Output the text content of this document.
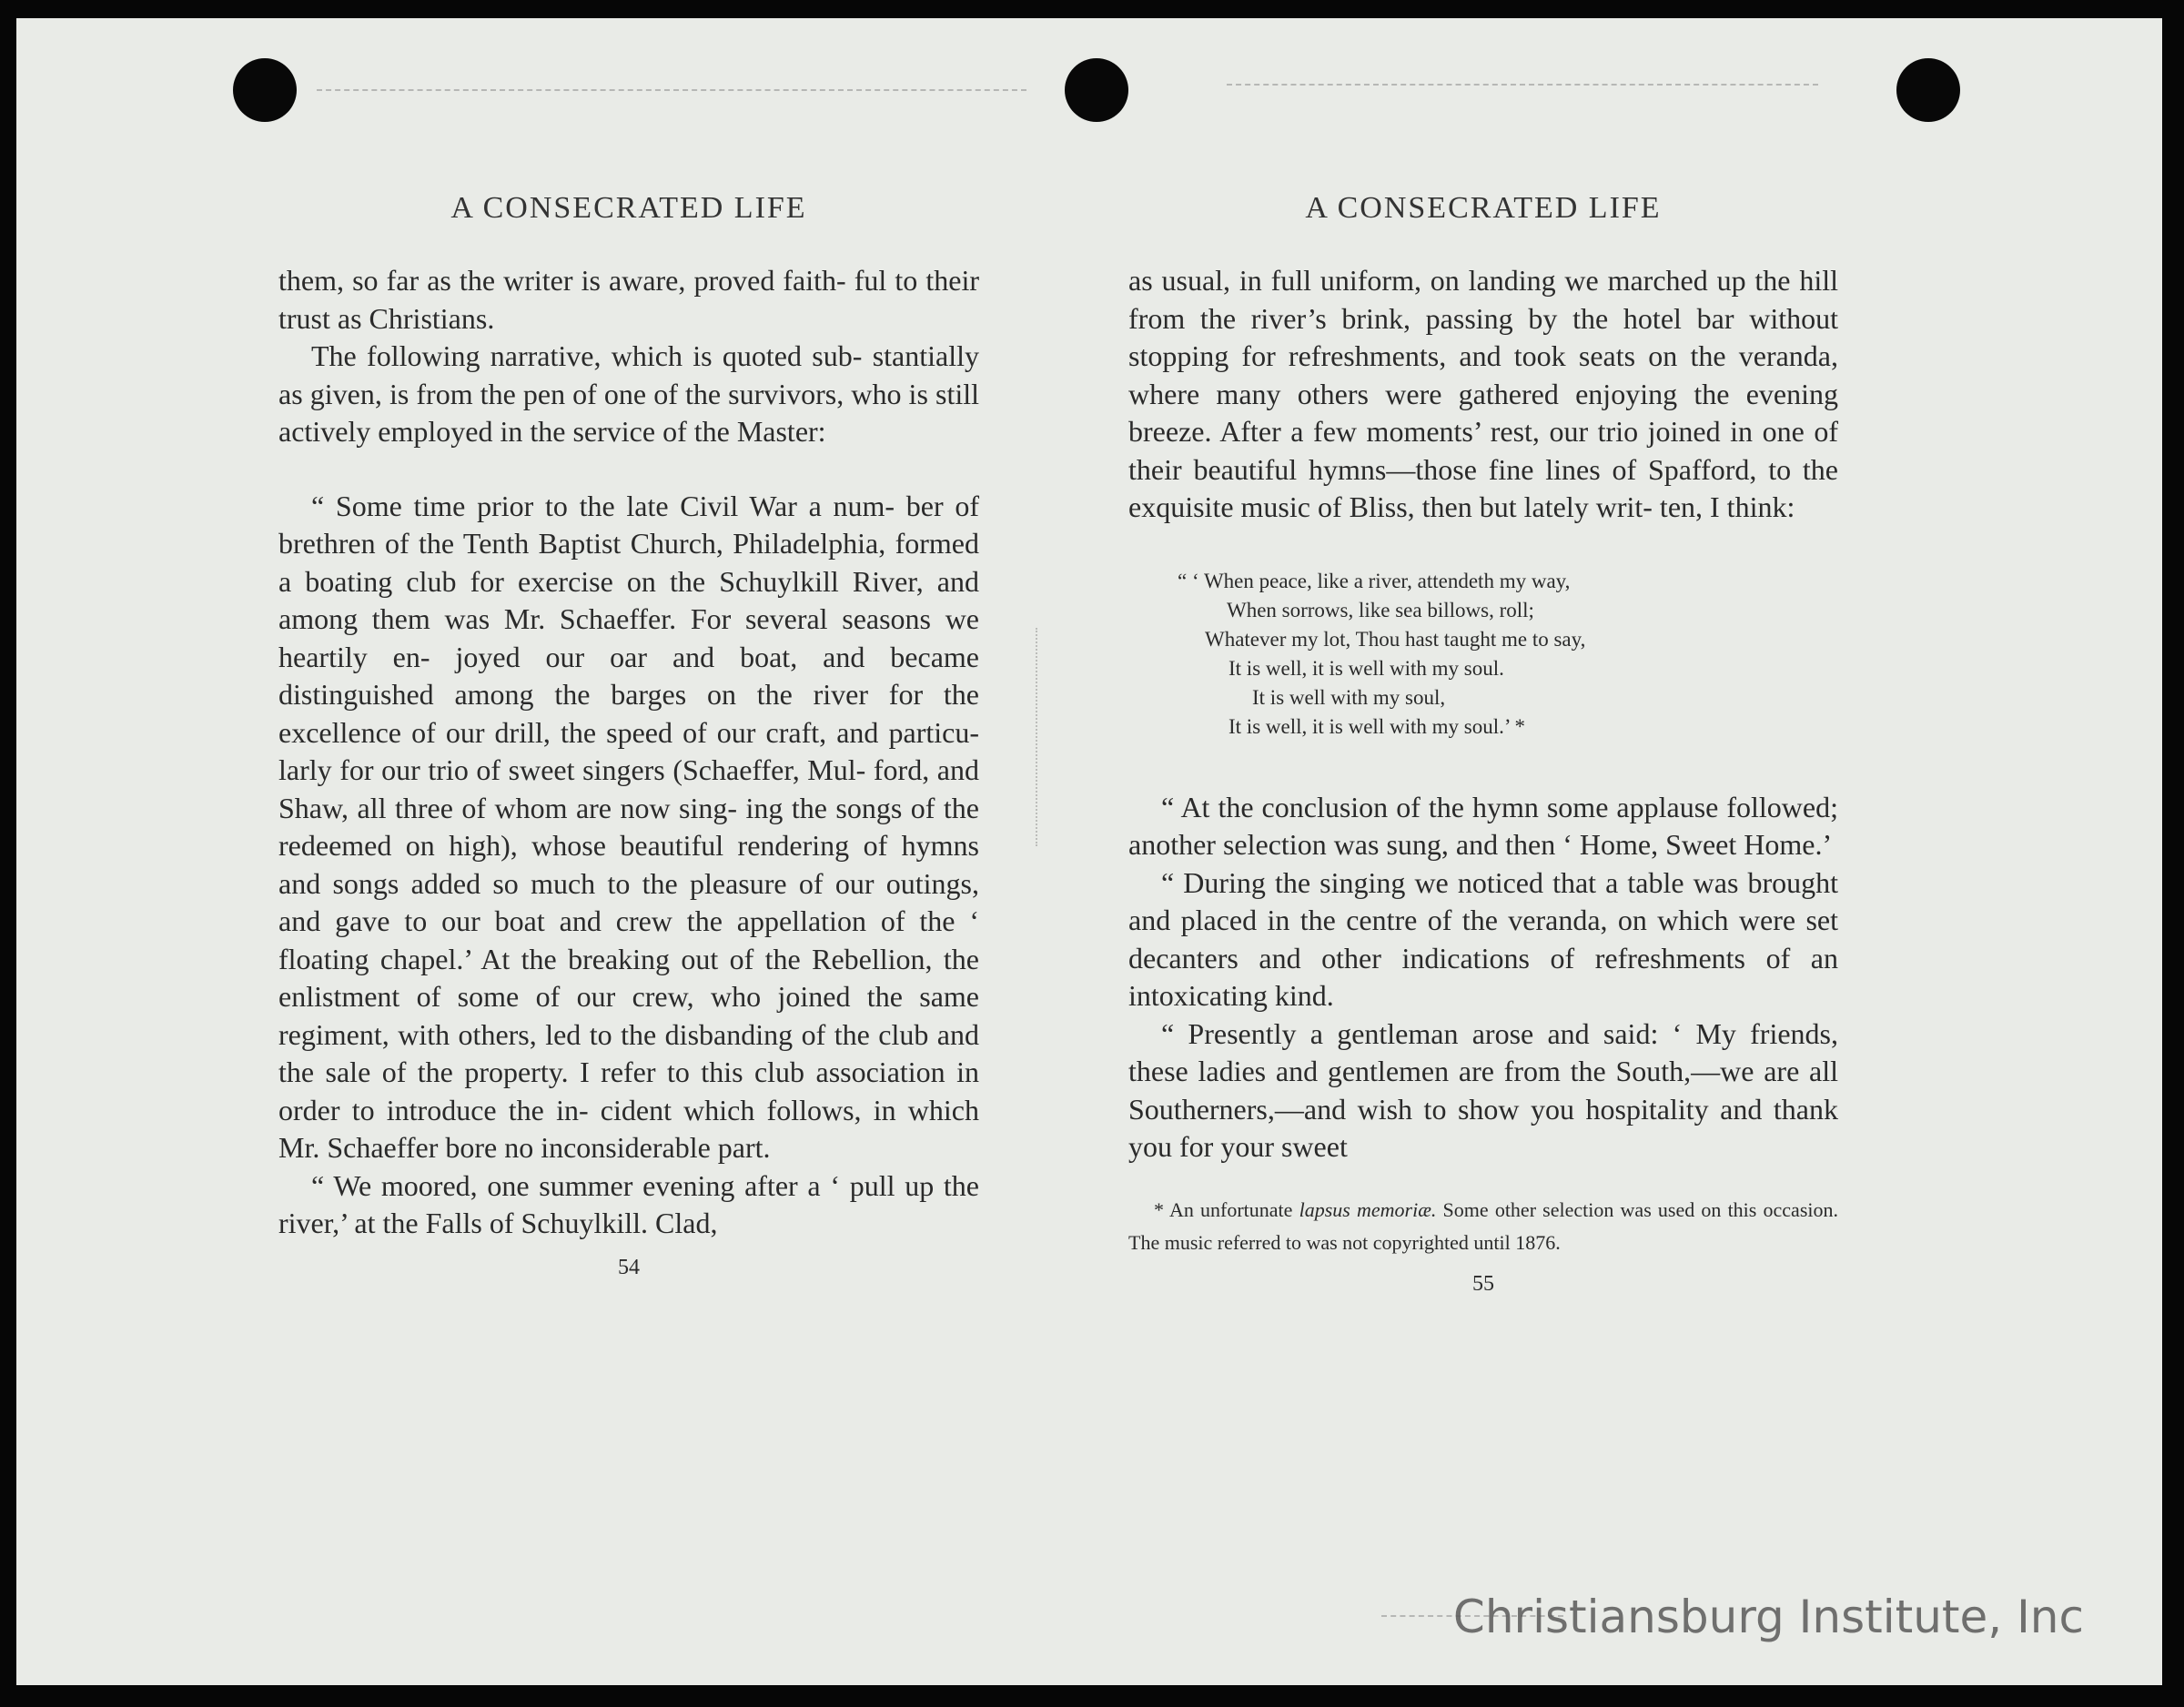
A CONSECRATED LIFE

them, so far as the writer is aware, proved faith- ful to their trust as Christians.

The following narrative, which is quoted sub- stantially as given, is from the pen of one of the survivors, who is still actively employed in the service of the Master:

“ Some time prior to the late Civil War a num- ber of brethren of the Tenth Baptist Church, Philadelphia, formed a boating club for exercise on the Schuylkill River, and among them was Mr. Schaeffer. For several seasons we heartily en- joyed our oar and boat, and became distinguished among the barges on the river for the excellence of our drill, the speed of our craft, and particu- larly for our trio of sweet singers (Schaeffer, Mul- ford, and Shaw, all three of whom are now sing- ing the songs of the redeemed on high), whose beautiful rendering of hymns and songs added so much to the pleasure of our outings, and gave to our boat and crew the appellation of the ‘ floating chapel.’ At the breaking out of the Rebellion, the enlistment of some of our crew, who joined the same regiment, with others, led to the disbanding of the club and the sale of the property. I refer to this club association in order to introduce the in- cident which follows, in which Mr. Schaeffer bore no inconsiderable part.

“ We moored, one summer evening after a ‘ pull up the river,’ at the Falls of Schuylkill. Clad,

54
A CONSECRATED LIFE

as usual, in full uniform, on landing we marched up the hill from the river’s brink, passing by the hotel bar without stopping for refreshments, and took seats on the veranda, where many others were gathered enjoying the evening breeze. After a few moments’ rest, our trio joined in one of their beautiful hymns—those fine lines of Spafford, to the exquisite music of Bliss, then but lately writ- ten, I think:

“ ‘ When peace, like a river, attendeth my way,
When sorrows, like sea billows, roll;
Whatever my lot, Thou hast taught me to say,
It is well, it is well with my soul.
It is well with my soul,
It is well, it is well with my soul.’ *

“ At the conclusion of the hymn some applause followed; another selection was sung, and then ‘ Home, Sweet Home.’

“ During the singing we noticed that a table was brought and placed in the centre of the veranda, on which were set decanters and other indications of refreshments of an intoxicating kind.

“ Presently a gentleman arose and said: ‘ My friends, these ladies and gentlemen are from the South,—we are all Southerners,—and wish to show you hospitality and thank you for your sweet

* An unfortunate lapsus memoriæ. Some other selection was used on this occasion. The music referred to was not copyrighted until 1876.
55
Christiansburg Institute, Inc
